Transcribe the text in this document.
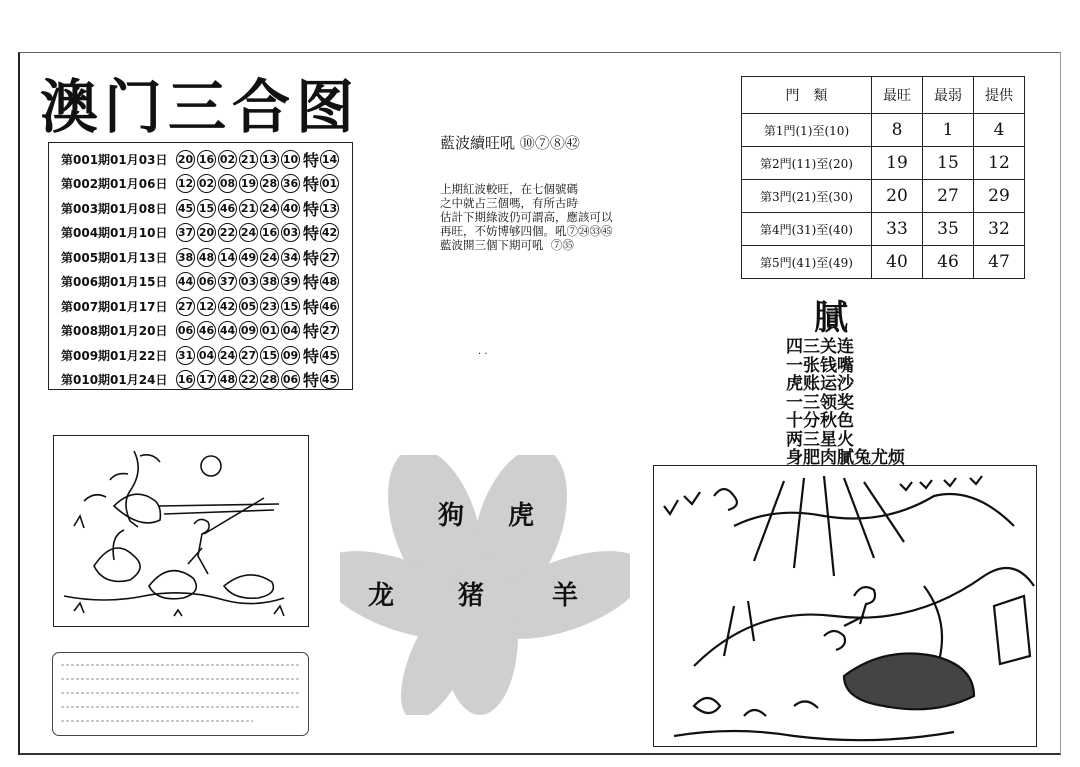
澳门三合图
第001期01月03日 20 16 02 21 13 10 特 14
第002期01月06日 12 02 08 19 28 36 特 01
第003期01月08日 45 15 46 21 24 40 特 13
第004期01月10日 37 20 22 24 16 03 特 42
第005期01月13日 38 48 14 49 24 34 特 27
第006期01月15日 44 06 37 03 38 39 特 48
第007期01月17日 27 12 42 05 23 15 特 46
第008期01月20日 06 46 44 09 01 04 特 27
第009期01月22日 31 04 24 27 15 09 特 45
第010期01月24日 16 17 48 22 28 06 特 45
藍波續旺吼 ⑩⑦⑧㊷
上期紅波較旺，在七個號碼
之中就占三個嗎，有所古時
估計下期綠波仍可謂高，應該可以
再旺，不妨博够四個。吼⑦㉔㉝㊺
藍波開三個下期可吼 ⑦㉟
. .
門　類	最旺	最弱	提供
第1門(1)至(10)	8	1	4
第2門(11)至(20)	19	15	12
第3門(21)至(30)	20	27	29
第4門(31)至(40)	33	35	32
第5門(41)至(49)	40	46	47
膩
四三关连
一张钱嘴
虎账运沙
一三领奖
十分秋色
两三星火
身肥肉膩兔尤烦
狗 虎
龙 猪	羊
